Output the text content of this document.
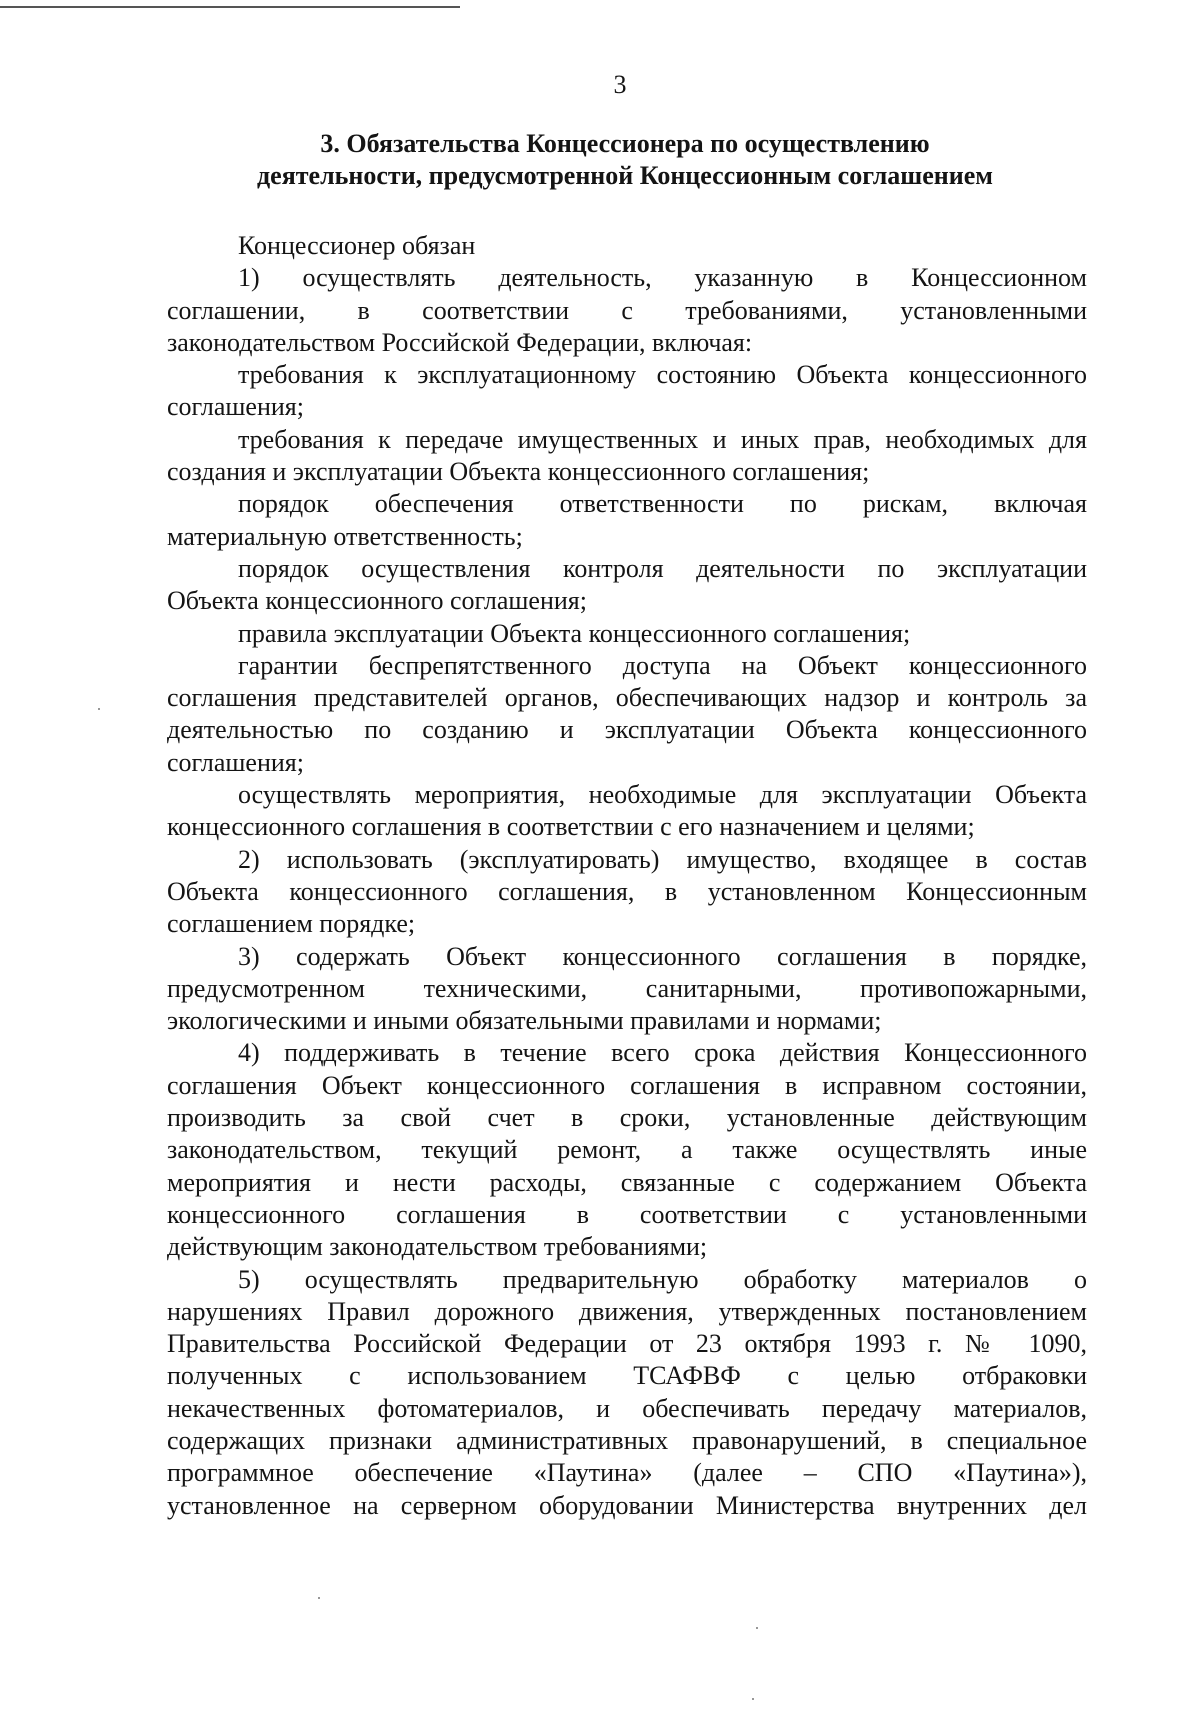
3
3. Обязательства Концессионера по осуществлению
деятельности, предусмотренной Концессионным соглашением
Концессионер обязан
1) осуществлять деятельность, указанную в Концессионном
соглашении, в соответствии с требованиями, установленными
законодательством Российской Федерации, включая:
требования к эксплуатационному состоянию Объекта концессионного
соглашения;
требования к передаче имущественных и иных прав, необходимых для
создания и эксплуатации Объекта концессионного соглашения;
порядок обеспечения ответственности по рискам, включая
материальную ответственность;
порядок осуществления контроля деятельности по эксплуатации
Объекта концессионного соглашения;
правила эксплуатации Объекта концессионного соглашения;
гарантии беспрепятственного доступа на Объект концессионного
соглашения представителей органов, обеспечивающих надзор и контроль за
деятельностью по созданию и эксплуатации Объекта концессионного
соглашения;
осуществлять мероприятия, необходимые для эксплуатации Объекта
концессионного соглашения в соответствии с его назначением и целями;
2) использовать (эксплуатировать) имущество, входящее в состав
Объекта концессионного соглашения, в установленном Концессионным
соглашением порядке;
3) содержать Объект концессионного соглашения в порядке,
предусмотренном техническими, санитарными, противопожарными,
экологическими и иными обязательными правилами и нормами;
4) поддерживать в течение всего срока действия Концессионного
соглашения Объект концессионного соглашения в исправном состоянии,
производить за свой счет в сроки, установленные действующим
законодательством, текущий ремонт, а также осуществлять иные
мероприятия и нести расходы, связанные с содержанием Объекта
концессионного соглашения в соответствии с установленными
действующим законодательством требованиями;
5) осуществлять предварительную обработку материалов о
нарушениях Правил дорожного движения, утвержденных постановлением
Правительства Российской Федерации от 23 октября 1993 г. № 1090,
полученных с использованием ТСАФВФ с целью отбраковки
некачественных фотоматериалов, и обеспечивать передачу материалов,
содержащих признаки административных правонарушений, в специальное
программное обеспечение «Паутина» (далее – СПО «Паутина»),
установленное на серверном оборудовании Министерства внутренних дел
